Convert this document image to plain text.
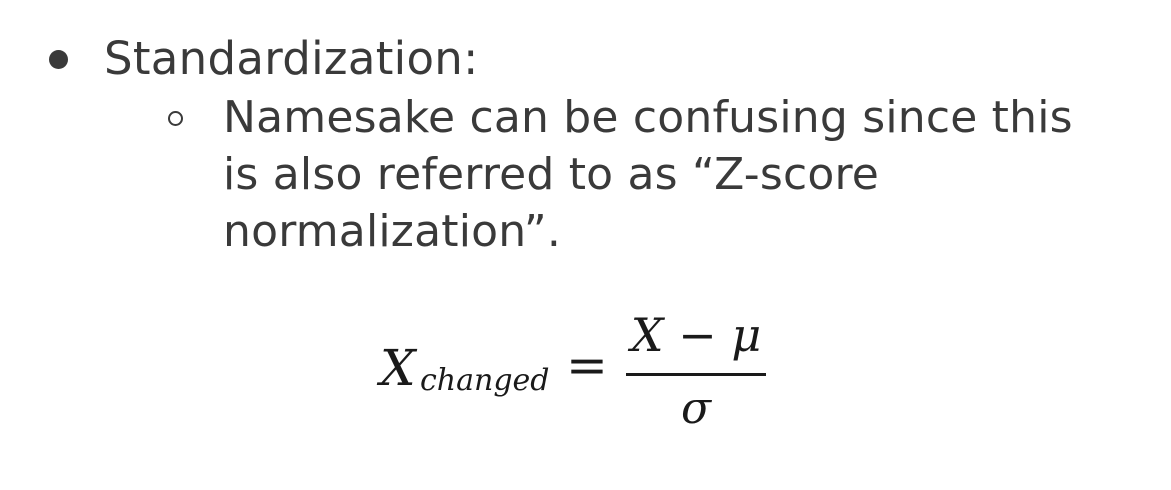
Standardization:
Namesake can be confusing since this
is also referred to as “Z-score
normalization”.
X changed =
X − μ
σ
